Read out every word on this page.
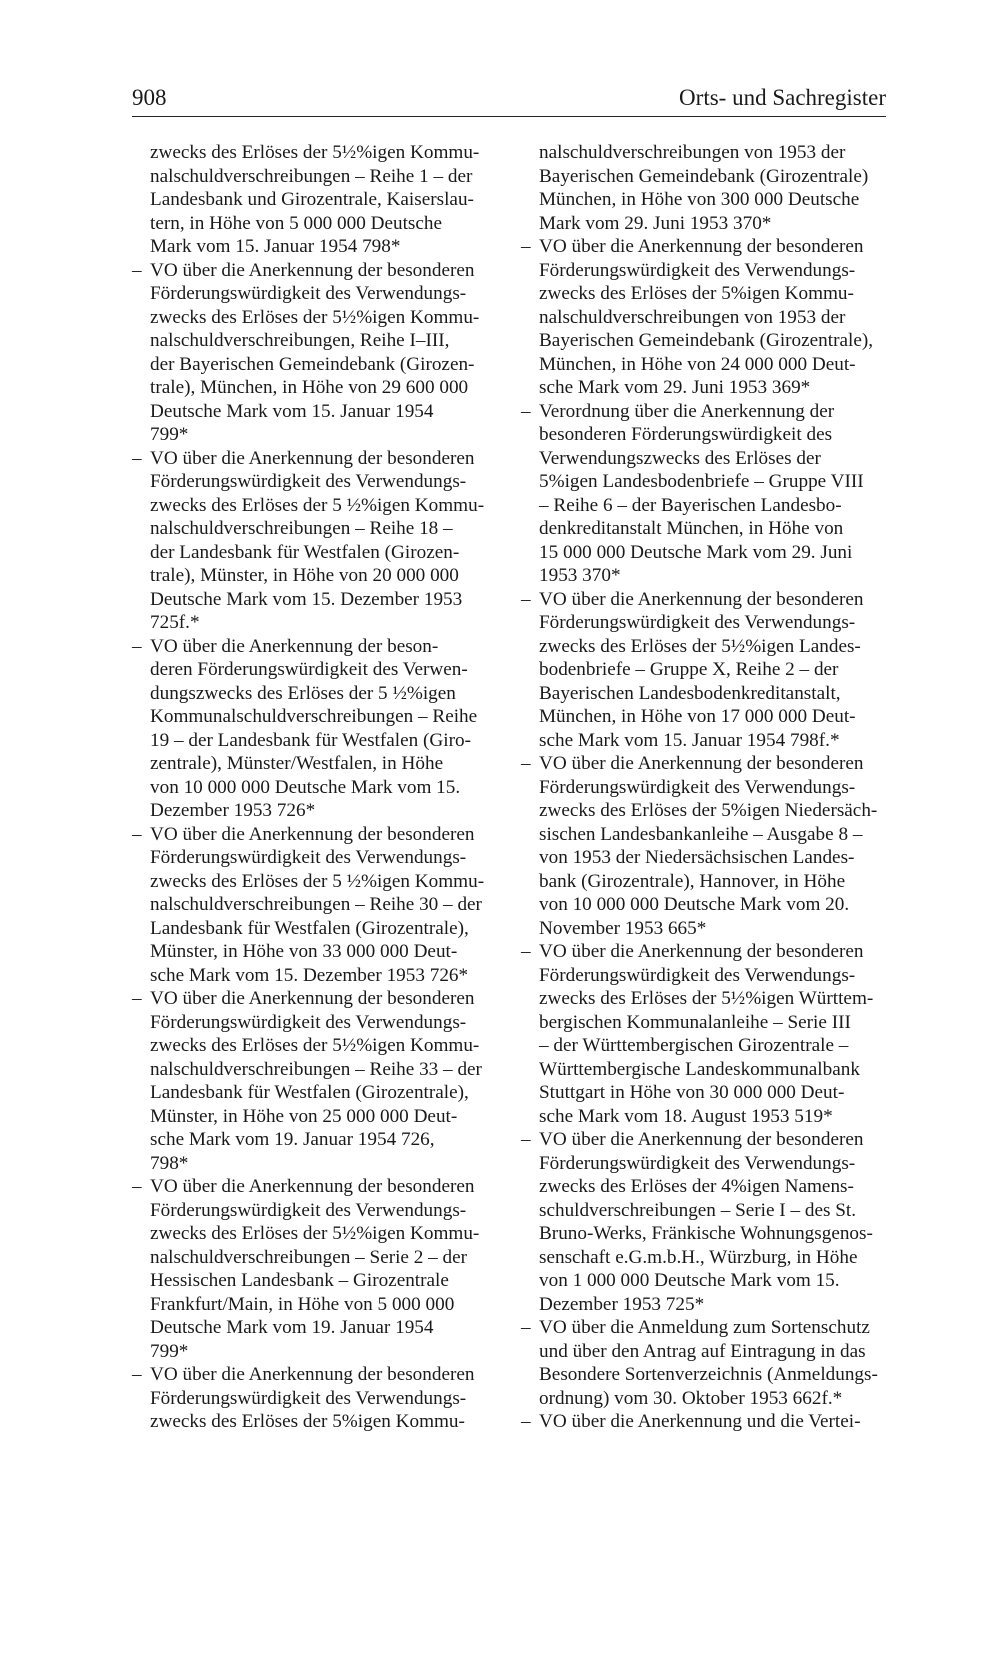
908	Orts- und Sachregister
zwecks des Erlöses der 5½%igen Kommu-
nalschuldverschreibungen – Reihe 1 – der
Landesbank und Girozentrale, Kaiserslau-
tern, in Höhe von 5 000 000 Deutsche
Mark vom 15. Januar 1954 798*
– VO über die Anerkennung der besonderen
Förderungswürdigkeit des Verwendungs-
zwecks des Erlöses der 5½%igen Kommu-
nalschuldverschreibungen, Reihe I–III,
der Bayerischen Gemeindebank (Girozen-
trale), München, in Höhe von 29 600 000
Deutsche Mark vom 15. Januar 1954
799*
– VO über die Anerkennung der besonderen
Förderungswürdigkeit des Verwendungs-
zwecks des Erlöses der 5 ½%igen Kommu-
nalschuldverschreibungen – Reihe 18 –
der Landesbank für Westfalen (Girozen-
trale), Münster, in Höhe von 20 000 000
Deutsche Mark vom 15. Dezember 1953
725f.*
– VO über die Anerkennung der beson-
deren Förderungswürdigkeit des Verwen-
dungszwecks des Erlöses der 5 ½%igen
Kommunalschuldverschreibungen – Reihe
19 – der Landesbank für Westfalen (Giro-
zentrale), Münster/Westfalen, in Höhe
von 10 000 000 Deutsche Mark vom 15.
Dezember 1953 726*
– VO über die Anerkennung der besonderen
Förderungswürdigkeit des Verwendungs-
zwecks des Erlöses der 5 ½%igen Kommu-
nalschuldverschreibungen – Reihe 30 – der
Landesbank für Westfalen (Girozentrale),
Münster, in Höhe von 33 000 000 Deut-
sche Mark vom 15. Dezember 1953 726*
– VO über die Anerkennung der besonderen
Förderungswürdigkeit des Verwendungs-
zwecks des Erlöses der 5½%igen Kommu-
nalschuldverschreibungen – Reihe 33 – der
Landesbank für Westfalen (Girozentrale),
Münster, in Höhe von 25 000 000 Deut-
sche Mark vom 19. Januar 1954 726,
798*
– VO über die Anerkennung der besonderen
Förderungswürdigkeit des Verwendungs-
zwecks des Erlöses der 5½%igen Kommu-
nalschuldverschreibungen – Serie 2 – der
Hessischen Landesbank – Girozentrale
Frankfurt/Main, in Höhe von 5 000 000
Deutsche Mark vom 19. Januar 1954
799*
– VO über die Anerkennung der besonderen
Förderungswürdigkeit des Verwendungs-
zwecks des Erlöses der 5%igen Kommu-
nalschuldverschreibungen von 1953 der
Bayerischen Gemeindebank (Girozentrale)
München, in Höhe von 300 000 Deutsche
Mark vom 29. Juni 1953 370*
– VO über die Anerkennung der besonderen
Förderungswürdigkeit des Verwendungs-
zwecks des Erlöses der 5%igen Kommu-
nalschuldverschreibungen von 1953 der
Bayerischen Gemeindebank (Girozentrale),
München, in Höhe von 24 000 000 Deut-
sche Mark vom 29. Juni 1953 369*
– Verordnung über die Anerkennung der
besonderen Förderungswürdigkeit des
Verwendungszwecks des Erlöses der
5%igen Landesbodenbriefe – Gruppe VIII
– Reihe 6 – der Bayerischen Landesbo-
denkreditanstalt München, in Höhe von
15 000 000 Deutsche Mark vom 29. Juni
1953 370*
– VO über die Anerkennung der besonderen
Förderungswürdigkeit des Verwendungs-
zwecks des Erlöses der 5½%igen Landes-
bodenbriefe – Gruppe X, Reihe 2 – der
Bayerischen Landesbodenkreditanstalt,
München, in Höhe von 17 000 000 Deut-
sche Mark vom 15. Januar 1954 798f.*
– VO über die Anerkennung der besonderen
Förderungswürdigkeit des Verwendungs-
zwecks des Erlöses der 5%igen Niedersäch-
sischen Landesbankanleihe – Ausgabe 8 –
von 1953 der Niedersächsischen Landes-
bank (Girozentrale), Hannover, in Höhe
von 10 000 000 Deutsche Mark vom 20.
November 1953 665*
– VO über die Anerkennung der besonderen
Förderungswürdigkeit des Verwendungs-
zwecks des Erlöses der 5½%igen Württem-
bergischen Kommunalanleihe – Serie III
– der Württembergischen Girozentrale –
Württembergische Landeskommunalbank
Stuttgart in Höhe von 30 000 000 Deut-
sche Mark vom 18. August 1953 519*
– VO über die Anerkennung der besonderen
Förderungswürdigkeit des Verwendungs-
zwecks des Erlöses der 4%igen Namens-
schuldverschreibungen – Serie I – des St.
Bruno-Werks, Fränkische Wohnungsgenos-
senschaft e.G.m.b.H., Würzburg, in Höhe
von 1 000 000 Deutsche Mark vom 15.
Dezember 1953 725*
– VO über die Anmeldung zum Sortenschutz
und über den Antrag auf Eintragung in das
Besondere Sortenverzeichnis (Anmeldungs-
ordnung) vom 30. Oktober 1953 662f.*
– VO über die Anerkennung und die Vertei-
